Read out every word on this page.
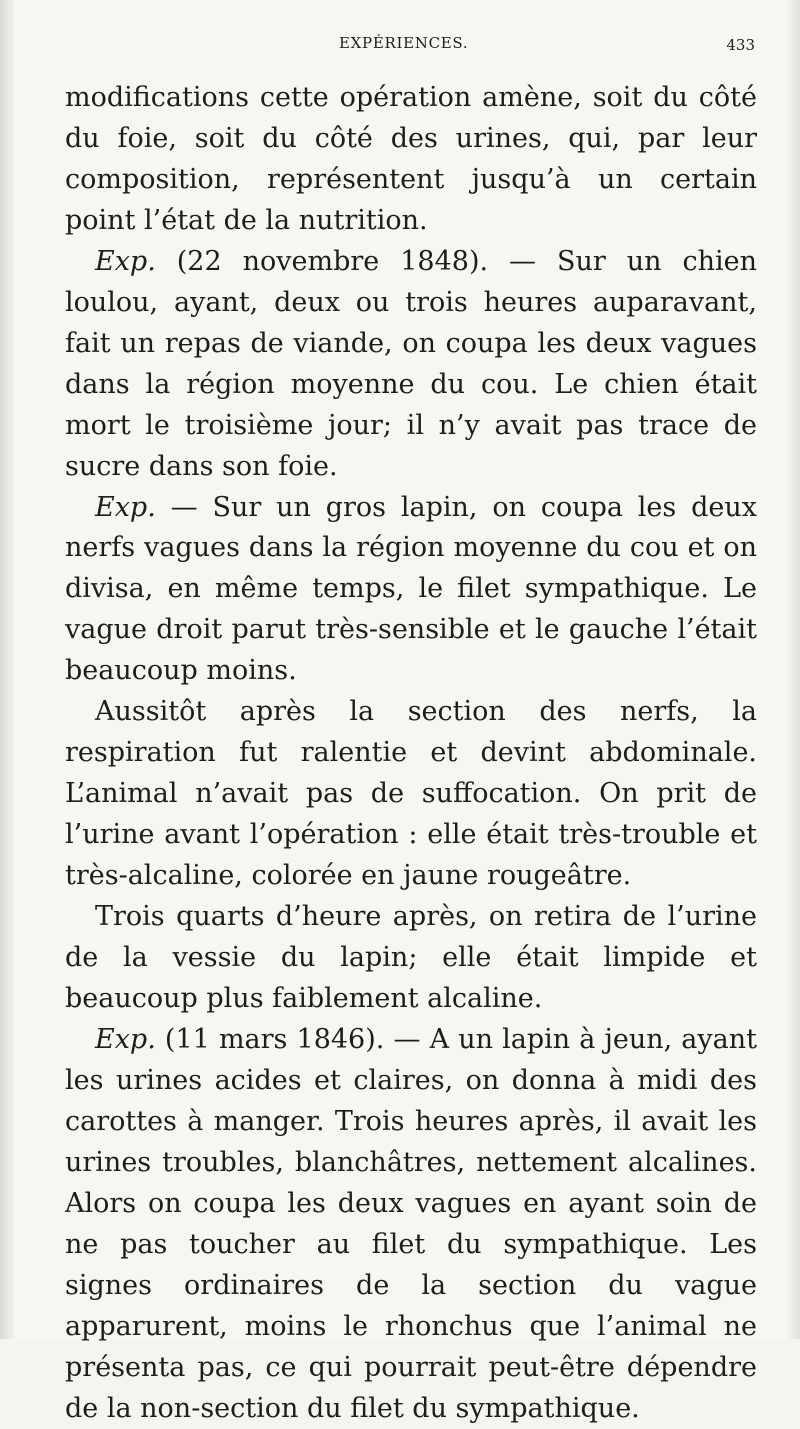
EXPÉRIENCES.	433

modifications cette opération amène, soit du côté du foie, soit du côté des urines, qui, par leur composition, représentent jusqu’à un certain point l’état de la nutrition.

Exp. (22 novembre 1848). — Sur un chien loulou, ayant, deux ou trois heures auparavant, fait un repas de viande, on coupa les deux vagues dans la région moyenne du cou. Le chien était mort le troisième jour; il n’y avait pas trace de sucre dans son foie.

Exp. — Sur un gros lapin, on coupa les deux nerfs vagues dans la région moyenne du cou et on divisa, en même temps, le filet sympathique. Le vague droit parut très-sensible et le gauche l’était beaucoup moins.

Aussitôt après la section des nerfs, la respiration fut ralentie et devint abdominale. L’animal n’avait pas de suffocation. On prit de l’urine avant l’opération : elle était très-trouble et très-alcaline, colorée en jaune rougeâtre.

Trois quarts d’heure après, on retira de l’urine de la vessie du lapin; elle était limpide et beaucoup plus faiblement alcaline.

Exp. (11 mars 1846). — A un lapin à jeun, ayant les urines acides et claires, on donna à midi des carottes à manger. Trois heures après, il avait les urines troubles, blanchâtres, nettement alcalines. Alors on coupa les deux vagues en ayant soin de ne pas toucher au filet du sympathique. Les signes ordinaires de la section du vague apparurent, moins le rhonchus que l’animal ne présenta pas, ce qui pourrait peut-être dépendre de la non-section du filet du sympathique.
